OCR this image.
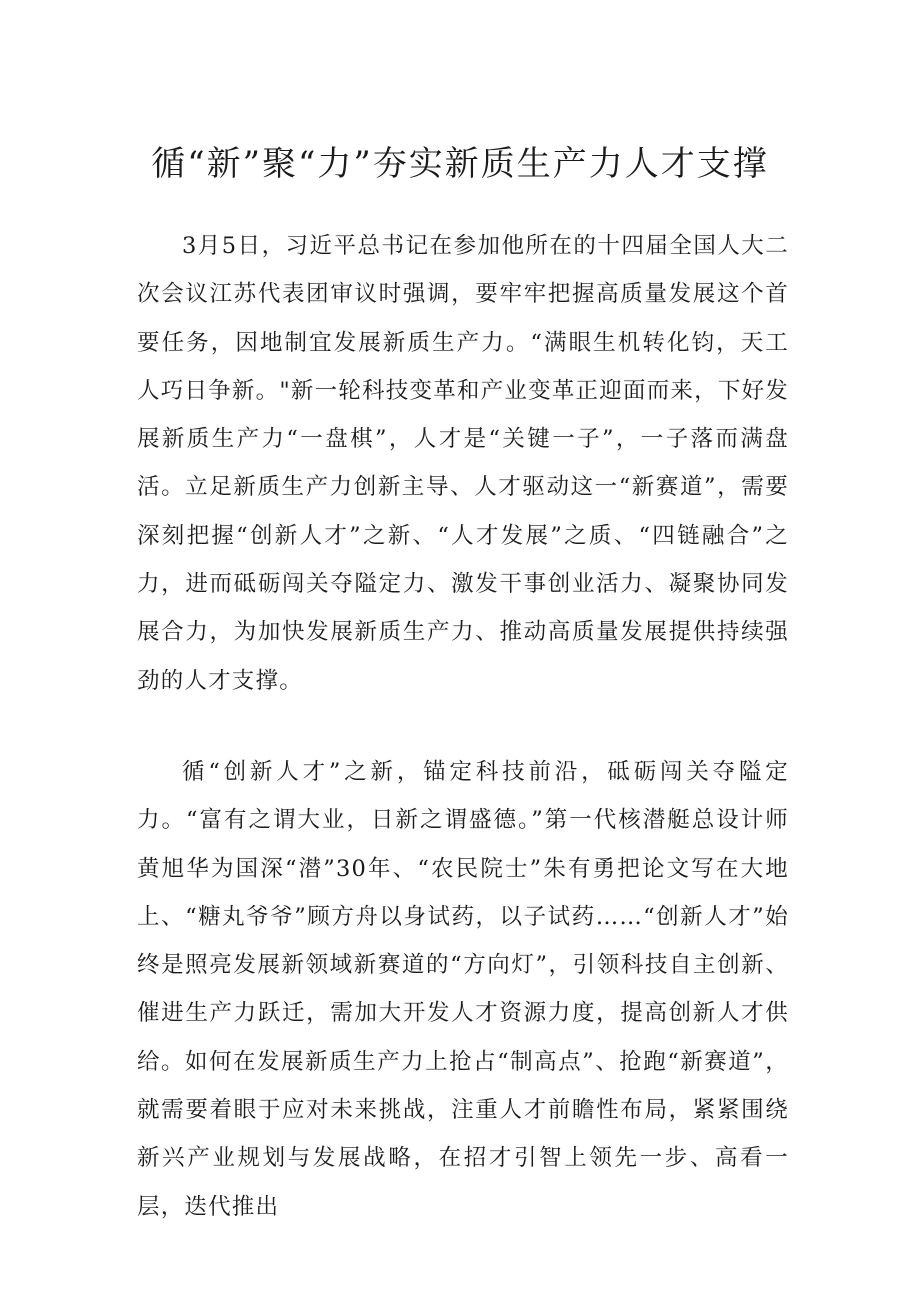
循“新”聚“力”夯实新质生产力人才支撑

3月5日，习近平总书记在参加他所在的十四届全国人大二次会议江苏代表团审议时强调，要牢牢把握高质量发展这个首要任务，因地制宜发展新质生产力。“满眼生机转化钧，天工人巧日争新。"新一轮科技变革和产业变革正迎面而来，下好发展新质生产力“一盘棋”，人才是“关键一子”，一子落而满盘活。立足新质生产力创新主导、人才驱动这一“新赛道”，需要深刻把握“创新人才”之新、“人才发展”之质、“四链融合”之力，进而砥砺闯关夺隘定力、激发干事创业活力、凝聚协同发展合力，为加快发展新质生产力、推动高质量发展提供持续强劲的人才支撑。

循“创新人才”之新，锚定科技前沿，砥砺闯关夺隘定力。“富有之谓大业，日新之谓盛德。”第一代核潜艇总设计师黄旭华为国深“潜”30年、“农民院士”朱有勇把论文写在大地上、“糖丸爷爷”顾方舟以身试药，以子试药……“创新人才”始终是照亮发展新领域新赛道的“方向灯”，引领科技自主创新、催进生产力跃迁，需加大开发人才资源力度，提高创新人才供给。如何在发展新质生产力上抢占“制高点”、抢跑“新赛道”，就需要着眼于应对未来挑战，注重人才前瞻性布局，紧紧围绕新兴产业规划与发展战略，在招才引智上领先一步、高看一层，迭代推出
